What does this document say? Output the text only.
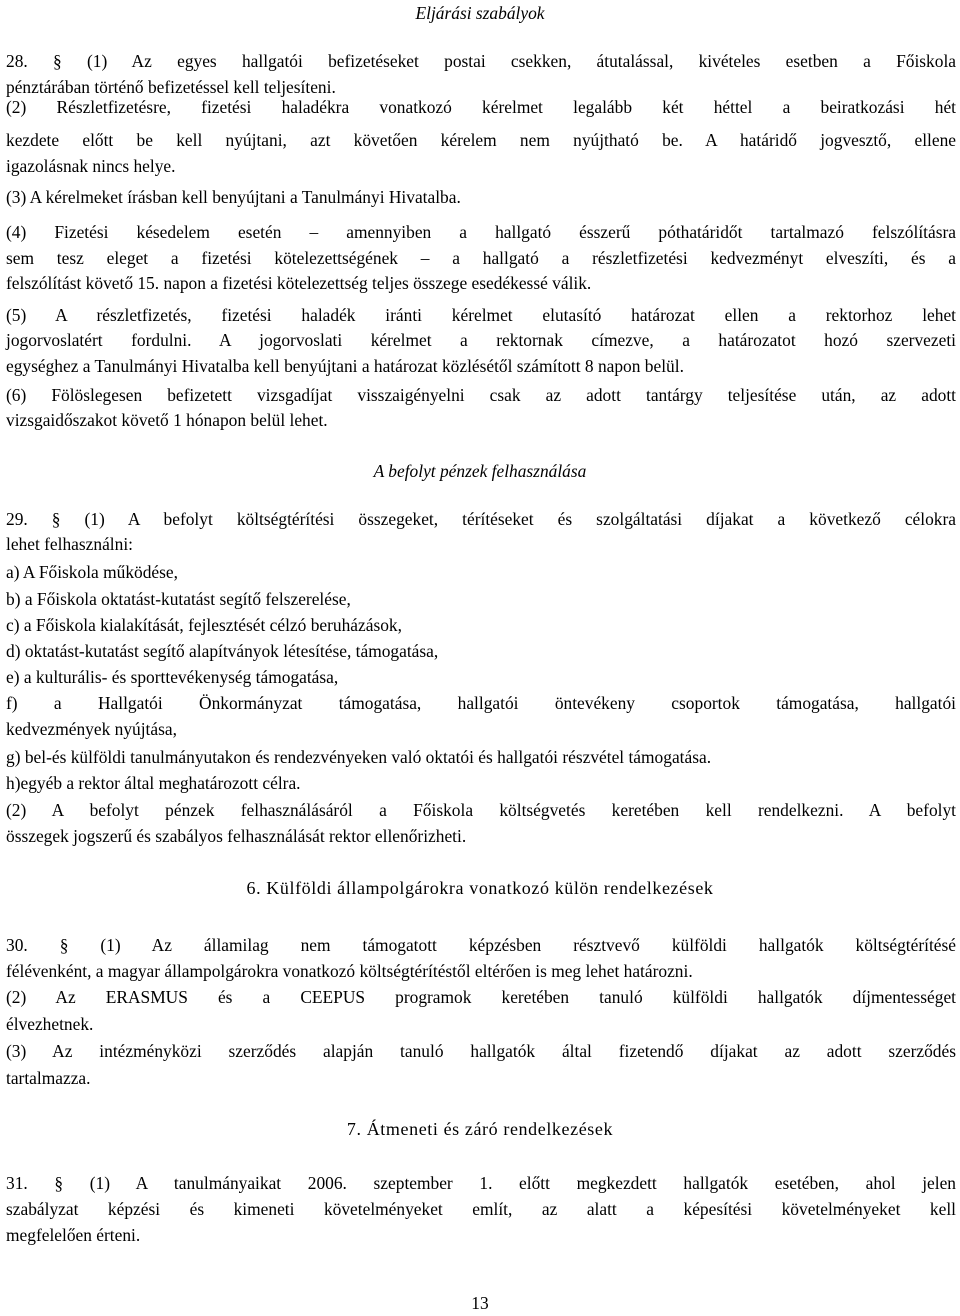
Eljárási szabályok
28. § (1) Az egyes hallgatói befizetéseket postai csekken, átutalással, kivételes esetben a Főiskola
pénztárában történő befizetéssel kell teljesíteni.
(2) Részletfizetésre, fizetési haladékra vonatkozó kérelmet legalább két héttel a beiratkozási hét
kezdete előtt be kell nyújtani, azt követően kérelem nem nyújtható be. A határidő jogvesztő, ellene
igazolásnak nincs helye.
(3) A kérelmeket írásban kell benyújtani a Tanulmányi Hivatalba.
(4) Fizetési késedelem esetén – amennyiben a hallgató ésszerű póthatáridőt tartalmazó felszólításra
sem tesz eleget a fizetési kötelezettségének – a hallgató a részletfizetési kedvezményt elveszíti, és a
felszólítást követő 15. napon a fizetési kötelezettség teljes összege esedékessé válik.
(5) A részletfizetés, fizetési haladék iránti kérelmet elutasító határozat ellen a rektorhoz lehet
jogorvoslatért fordulni. A jogorvoslati kérelmet a rektornak címezve, a határozatot hozó szervezeti
egységhez a Tanulmányi Hivatalba kell benyújtani a határozat közlésétől számított 8 napon belül.
(6) Fölöslegesen befizetett vizsgadíjat visszaigényelni csak az adott tantárgy teljesítése után, az adott
vizsgaidőszakot követő 1 hónapon belül lehet.
A befolyt pénzek felhasználása
29. § (1) A befolyt költségtérítési összegeket, térítéseket és szolgáltatási díjakat a következő célokra
lehet felhasználni:
a) A Főiskola működése,
b) a Főiskola oktatást-kutatást segítő felszerelése,
c) a Főiskola kialakítását, fejlesztését célzó beruházások,
d) oktatást-kutatást segítő alapítványok létesítése, támogatása,
e) a kulturális- és sporttevékenység támogatása,
f) a Hallgatói Önkormányzat támogatása, hallgatói öntevékeny csoportok támogatása, hallgatói
kedvezmények nyújtása,
g) bel-és külföldi tanulmányutakon és rendezvényeken való oktatói és hallgatói részvétel támogatása.
h)egyéb a rektor által meghatározott célra.
(2) A befolyt pénzek felhasználásáról a Főiskola költségvetés keretében kell rendelkezni. A befolyt
összegek jogszerű és szabályos felhasználását rektor ellenőrizheti.
6. Külföldi állampolgárokra vonatkozó külön rendelkezések
30. § (1) Az államilag nem támogatott képzésben résztvevő külföldi hallgatók költségtérítésé
félévenként, a magyar állampolgárokra vonatkozó költségtérítéstől eltérően is meg lehet határozni.
(2) Az ERASMUS és a CEEPUS programok keretében tanuló külföldi hallgatók díjmentességet
élvezhetnek.
(3) Az intézményközi szerződés alapján tanuló hallgatók által fizetendő díjakat az adott szerződés
tartalmazza.
7. Átmeneti és záró rendelkezések
31. § (1) A tanulmányaikat 2006. szeptember 1. előtt megkezdett hallgatók esetében, ahol jelen
szabályzat képzési és kimeneti követelményeket említ, az alatt a képesítési követelményeket kell
megfelelően érteni.
13
